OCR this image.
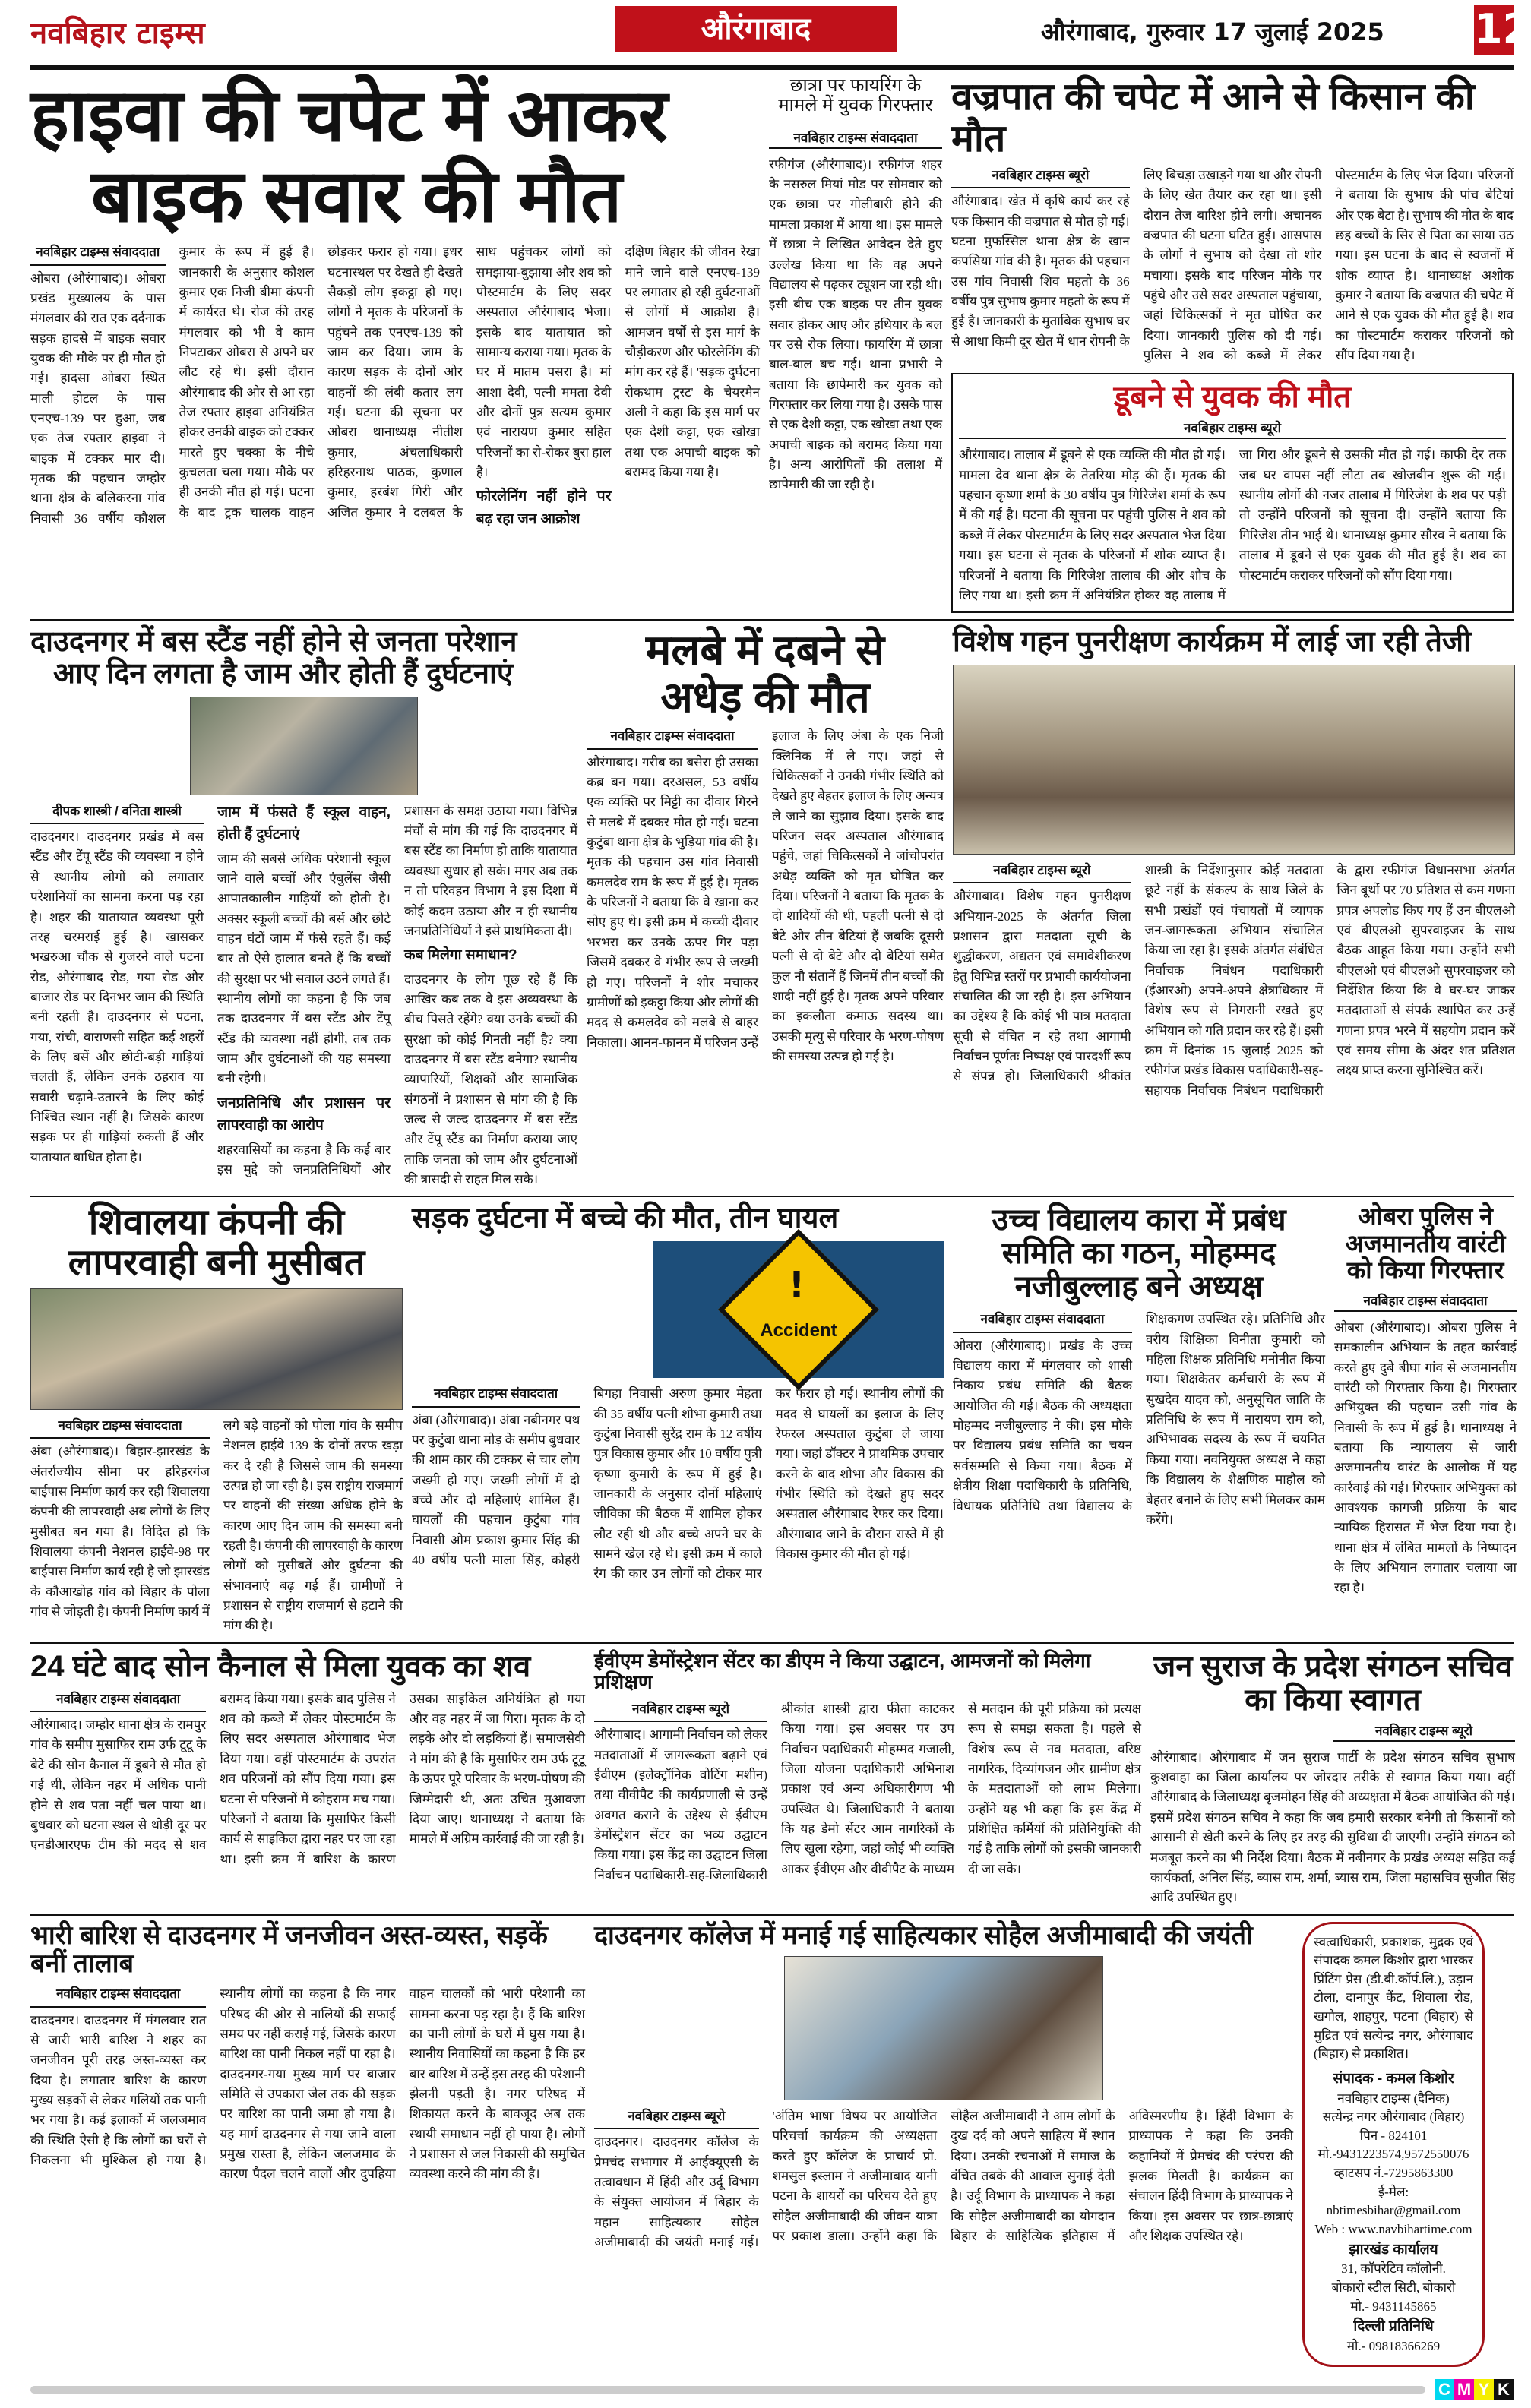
नवबिहार टाइम्स	औरंगाबाद	औरंगाबाद, गुरुवार 17 जुलाई 2025 12
हाइवा की चपेट में आकर
बाइक सवार की मौत
नवबिहार टाइम्स संवाददाता
ओबरा (औरंगाबाद)। ओबरा प्रखंड मुख्यालय के पास मंगलवार की रात एक दर्दनाक सड़क हादसे में बाइक सवार युवक की मौके पर ही मौत हो गई। हादसा ओबरा स्थित माली होटल के पास एनएच-139 पर हुआ, जब एक तेज रफ्तार हाइवा ने बाइक में टक्कर मार दी। मृतक की पहचान जम्होर थाना क्षेत्र के बलिकरना गांव निवासी 36 वर्षीय कौशल कुमार के रूप में हुई है। जानकारी के अनुसार कौशल कुमार एक निजी बीमा कंपनी में कार्यरत थे। रोज की तरह मंगलवार को भी वे काम निपटाकर ओबरा से अपने घर लौट रहे थे। इसी दौरान औरंगाबाद की ओर से आ रहा तेज रफ्तार हाइवा अनियंत्रित होकर उनकी बाइक को टक्कर मारते हुए चक्का के नीचे कुचलता चला गया। मौके पर ही उनकी मौत हो गई। घटना के बाद ट्रक चालक वाहन छोड़कर फरार हो गया। इधर घटनास्थल पर देखते ही देखते सैकड़ों लोग इकट्ठा हो गए। लोगों ने मृतक के परिजनों के पहुंचने तक एनएच-139 को जाम कर दिया। जाम के कारण सड़क के दोनों ओर वाहनों की लंबी कतार लग गई। घटना की सूचना पर ओबरा थानाध्यक्ष नीतीश कुमार, अंचलाधिकारी हरिहरनाथ पाठक, कुणाल कुमार, हरबंश गिरी और अजित कुमार ने दलबल के साथ पहुंचकर लोगों को समझाया-बुझाया और शव को पोस्टमार्टम के लिए सदर अस्पताल औरंगाबाद भेजा। इसके बाद यातायात को सामान्य कराया गया। मृतक के घर में मातम पसरा है। मां आशा देवी, पत्नी ममता देवी और दोनों पुत्र सत्यम कुमार एवं नारायण कुमार सहित परिजनों का रो-रोकर बुरा हाल है।
फोरलेनिंग नहीं होने पर बढ़ रहा जन आक्रोश
दक्षिण बिहार की जीवन रेखा माने जाने वाले एनएच-139 पर लगातार हो रही दुर्घटनाओं से लोगों में आक्रोश है। आमजन वर्षों से इस मार्ग के चौड़ीकरण और फोरलेनिंग की मांग कर रहे हैं। 'सड़क दुर्घटना रोकथाम ट्रस्ट' के चेयरमैन अली ने कहा कि इस मार्ग पर एक देशी कट्टा, एक खोखा तथा एक अपाची बाइक को बरामद किया गया है।
छात्रा पर फायरिंग के मामले में युवक गिरफ्तार
नवबिहार टाइम्स संवाददाता
रफीगंज (औरंगाबाद)। रफीगंज शहर के नसरुल मियां मोड पर सोमवार को एक छात्रा पर गोलीबारी होने की मामला प्रकाश में आया था। इस मामले में छात्रा ने लिखित आवेदन देते हुए उल्लेख किया था कि वह अपने विद्यालय से पढ़कर ट्यूशन जा रही थी। इसी बीच एक बाइक पर तीन युवक सवार होकर आए और हथियार के बल पर उसे रोक लिया। फायरिंग में छात्रा बाल-बाल बच गई। थाना प्रभारी ने बताया कि छापेमारी कर युवक को गिरफ्तार कर लिया गया है। उसके पास से एक देशी कट्टा, एक खोखा तथा एक अपाची बाइक को बरामद किया गया है। अन्य आरोपितों की तलाश में छापेमारी की जा रही है।
वज्रपात की चपेट में आने से किसान की मौत
नवबिहार टाइम्स ब्यूरो
औरंगाबाद। खेत में कृषि कार्य कर रहे एक किसान की वज्रपात से मौत हो गई। घटना मुफस्सिल थाना क्षेत्र के खान कपसिया गांव की है। मृतक की पहचान उस गांव निवासी शिव महतो के 36 वर्षीय पुत्र सुभाष कुमार महतो के रूप में हुई है। जानकारी के मुताबिक सुभाष घर से आधा किमी दूर खेत में धान रोपनी के लिए बिचड़ा उखाड़ने गया था और रोपनी के लिए खेत तैयार कर रहा था। इसी दौरान तेज बारिश होने लगी। अचानक वज्रपात की घटना घटित हुई। आसपास के लोगों ने सुभाष को देखा तो शोर मचाया। इसके बाद परिजन मौके पर पहुंचे और उसे सदर अस्पताल पहुंचाया, जहां चिकित्सकों ने मृत घोषित कर दिया। जानकारी पुलिस को दी गई। पुलिस ने शव को कब्जे में लेकर पोस्टमार्टम के लिए भेज दिया। परिजनों ने बताया कि सुभाष की पांच बेटियां और एक बेटा है। सुभाष की मौत के बाद छह बच्चों के सिर से पिता का साया उठ गया। इस घटना के बाद से स्वजनों में शोक व्याप्त है। थानाध्यक्ष अशोक कुमार ने बताया कि वज्रपात की चपेट में आने से एक युवक की मौत हुई है। शव का पोस्टमार्टम कराकर परिजनों को सौंप दिया गया है।
डूबने से युवक की मौत
नवबिहार टाइम्स ब्यूरो
औरंगाबाद। तालाब में डूबने से एक व्यक्ति की मौत हो गई। मामला देव थाना क्षेत्र के तेतरिया मोड़ की हैं। मृतक की पहचान कृष्णा शर्मा के 30 वर्षीय पुत्र गिरिजेश शर्मा के रूप में की गई है। घटना की सूचना पर पहुंची पुलिस ने शव को कब्जे में लेकर पोस्टमार्टम के लिए सदर अस्पताल भेज दिया गया। इस घटना से मृतक के परिजनों में शोक व्याप्त है। परिजनों ने बताया कि गिरिजेश तालाब की ओर शौच के लिए गया था। इसी क्रम में अनियंत्रित होकर वह तालाब में जा गिरा और डूबने से उसकी मौत हो गई। काफी देर तक जब घर वापस नहीं लौटा तब खोजबीन शुरू की गई। स्थानीय लोगों की नजर तालाब में गिरिजेश के शव पर पड़ी तो उन्होंने परिजनों को सूचना दी। उन्होंने बताया कि गिरिजेश तीन भाई थे। थानाध्यक्ष कुमार सौरव ने बताया कि तालाब में डूबने से एक युवक की मौत हुई है। शव का पोस्टमार्टम कराकर परिजनों को सौंप दिया गया।
दाउदनगर में बस स्टैंड नहीं होने से जनता परेशान
आए दिन लगता है जाम और होती हैं दुर्घटनाएं
दीपक शास्त्री / वनिता शास्त्री
दाउदनगर। दाउदनगर प्रखंड में बस स्टैंड और टेंपू स्टैंड की व्यवस्था न होने से स्थानीय लोगों को लगातार परेशानियों का सामना करना पड़ रहा है। शहर की यातायात व्यवस्था पूरी तरह चरमराई हुई है। खासकर भखरुआ चौक से गुजरने वाले पटना रोड, औरंगाबाद रोड, गया रोड और बाजार रोड पर दिनभर जाम की स्थिति बनी रहती है। दाउदनगर से पटना, गया, रांची, वाराणसी सहित कई शहरों के लिए बसें और छोटी-बड़ी गाड़ियां चलती हैं, लेकिन उनके ठहराव या सवारी चढ़ाने-उतारने के लिए कोई निश्चित स्थान नहीं है। जिसके कारण सड़क पर ही गाड़ियां रुकती हैं और यातायात बाधित होता है।
जाम में फंसते हैं स्कूल वाहन, होती हैं दुर्घटनाएं
जाम की सबसे अधिक परेशानी स्कूल जाने वाले बच्चों और एंबुलेंस जैसी आपातकालीन गाड़ियों को होती है। अक्सर स्कूली बच्चों की बसें और छोटे वाहन घंटों जाम में फंसे रहते हैं। कई बार तो ऐसे हालात बनते हैं कि बच्चों की सुरक्षा पर भी सवाल उठने लगते हैं। स्थानीय लोगों का कहना है कि जब तक दाउदनगर में बस स्टैंड और टेंपू स्टैंड की व्यवस्था नहीं होगी, तब तक जाम और दुर्घटनाओं की यह समस्या बनी रहेगी।
जनप्रतिनिधि और प्रशासन पर लापरवाही का आरोप
शहरवासियों का कहना है कि कई बार इस मुद्दे को जनप्रतिनिधियों और प्रशासन के समक्ष उठाया गया। विभिन्न मंचों से मांग की गई कि दाउदनगर में बस स्टैंड का निर्माण हो ताकि यातायात व्यवस्था सुधार हो सके। मगर अब तक न तो परिवहन विभाग ने इस दिशा में कोई कदम उठाया और न ही स्थानीय जनप्रतिनिधियों ने इसे प्राथमिकता दी।
कब मिलेगा समाधान?
दाउदनगर के लोग पूछ रहे हैं कि आखिर कब तक वे इस अव्यवस्था के बीच पिसते रहेंगे? क्या उनके बच्चों की सुरक्षा को कोई गिनती नहीं है? क्या दाउदनगर में बस स्टैंड बनेगा? स्थानीय व्यापारियों, शिक्षकों और सामाजिक संगठनों ने प्रशासन से मांग की है कि जल्द से जल्द दाउदनगर में बस स्टैंड और टेंपू स्टैंड का निर्माण कराया जाए ताकि जनता को जाम और दुर्घटनाओं की त्रासदी से राहत मिल सके।
मलबे में दबने से
अधेड़ की मौत
नवबिहार टाइम्स संवाददाता
औरंगाबाद। गरीब का बसेरा ही उसका कब्र बन गया। दरअसल, 53 वर्षीय एक व्यक्ति पर मिट्टी का दीवार गिरने से मलबे में दबकर मौत हो गई। घटना कुटुंबा थाना क्षेत्र के भुड़िया गांव की है। मृतक की पहचान उस गांव निवासी कमलदेव राम के रूप में हुई है। मृतक के परिजनों ने बताया कि वे खाना कर सोए हुए थे। इसी क्रम में कच्ची दीवार भरभरा कर उनके ऊपर गिर पड़ा जिसमें दबकर वे गंभीर रूप से जख्मी हो गए। परिजनों ने शोर मचाकर ग्रामीणों को इकट्ठा किया और लोगों की मदद से कमलदेव को मलबे से बाहर निकाला। आनन-फानन में परिजन उन्हें इलाज के लिए अंबा के एक निजी क्लिनिक में ले गए। जहां से चिकित्सकों ने उनकी गंभीर स्थिति को देखते हुए बेहतर इलाज के लिए अन्यत्र ले जाने का सुझाव दिया। इसके बाद परिजन सदर अस्पताल औरंगाबाद पहुंचे, जहां चिकित्सकों ने जांचोपरांत अधेड़ व्यक्ति को मृत घोषित कर दिया। परिजनों ने बताया कि मृतक के दो शादियों की थी, पहली पत्नी से दो बेटे और तीन बेटियां हैं जबकि दूसरी पत्नी से दो बेटे और दो बेटियां समेत कुल नौ संतानें हैं जिनमें तीन बच्चों की शादी नहीं हुई है। मृतक अपने परिवार का इकलौता कमाऊ सदस्य था। उसकी मृत्यु से परिवार के भरण-पोषण की समस्या उत्पन्न हो गई है।
विशेष गहन पुनरीक्षण कार्यक्रम में लाई जा रही तेजी
नवबिहार टाइम्स ब्यूरो
औरंगाबाद। विशेष गहन पुनरीक्षण अभियान-2025 के अंतर्गत जिला प्रशासन द्वारा मतदाता सूची के शुद्धीकरण, अद्यतन एवं समावेशीकरण हेतु विभिन्न स्तरों पर प्रभावी कार्ययोजना संचालित की जा रही है। इस अभियान का उद्देश्य है कि कोई भी पात्र मतदाता सूची से वंचित न रहे तथा आगामी निर्वाचन पूर्णतः निष्पक्ष एवं पारदर्शी रूप से संपन्न हो। जिलाधिकारी श्रीकांत शास्त्री के निर्देशानुसार कोई मतदाता छूटे नहीं के संकल्प के साथ जिले के सभी प्रखंडों एवं पंचायतों में व्यापक जन-जागरूकता अभियान संचालित किया जा रहा है। इसके अंतर्गत संबंधित निर्वाचक निबंधन पदाधिकारी (ईआरओ) अपने-अपने क्षेत्राधिकार में विशेष रूप से निगरानी रखते हुए अभियान को गति प्रदान कर रहे हैं। इसी क्रम में दिनांक 15 जुलाई 2025 को रफीगंज प्रखंड विकास पदाधिकारी-सह-सहायक निर्वाचक निबंधन पदाधिकारी के द्वारा रफीगंज विधानसभा अंतर्गत जिन बूथों पर 70 प्रतिशत से कम गणना प्रपत्र अपलोड किए गए हैं उन बीएलओ एवं बीएलओ सुपरवाइजर के साथ बैठक आहूत किया गया। उन्होंने सभी बीएलओ एवं बीएलओ सुपरवाइजर को निर्देशित किया कि वे घर-घर जाकर मतदाताओं से संपर्क स्थापित कर उन्हें गणना प्रपत्र भरने में सहयोग प्रदान करें एवं समय सीमा के अंदर शत प्रतिशत लक्ष्य प्राप्त करना सुनिश्चित करें।
शिवालया कंपनी की लापरवाही बनी मुसीबत
नवबिहार टाइम्स संवाददाता
अंबा (औरंगाबाद)। बिहार-झारखंड के अंतर्राज्यीय सीमा पर हरिहरगंज बाईपास निर्माण कार्य कर रही शिवालया कंपनी की लापरवाही अब लोगों के लिए मुसीबत बन गया है। विदित हो कि शिवालया कंपनी नेशनल हाईवे-98 पर बाईपास निर्माण कार्य रही है जो झारखंड के कौआखोह गांव को बिहार के पोला गांव से जोड़ती है। कंपनी निर्माण कार्य में लगे बड़े वाहनों को पोला गांव के समीप नेशनल हाईवे 139 के दोनों तरफ खड़ा कर दे रही है जिससे जाम की समस्या उत्पन्न हो जा रही है। इस राष्ट्रीय राजमार्ग पर वाहनों की संख्या अधिक होने के कारण आए दिन जाम की समस्या बनी रहती है। कंपनी की लापरवाही के कारण लोगों को मुसीबतें और दुर्घटना की संभावनाएं बढ़ गई हैं। ग्रामीणों ने प्रशासन से राष्ट्रीय राजमार्ग से हटाने की मांग की है।
सड़क दुर्घटना में बच्चे की मौत, तीन घायल
!
Accident
नवबिहार टाइम्स संवाददाता
अंबा (औरंगाबाद)। अंबा नबीनगर पथ पर कुटुंबा थाना मोड़ के समीप बुधवार की शाम कार की टक्कर से चार लोग जख्मी हो गए। जख्मी लोगों में दो बच्चे और दो महिलाएं शामिल हैं। घायलों की पहचान कुटुंबा गांव निवासी ओम प्रकाश कुमार सिंह की 40 वर्षीय पत्नी माला सिंह, कोहरी बिगहा निवासी अरुण कुमार मेहता की 35 वर्षीय पत्नी शोभा कुमारी तथा कुटुंबा निवासी सुरेंद्र राम के 12 वर्षीय पुत्र विकास कुमार और 10 वर्षीय पुत्री कृष्णा कुमारी के रूप में हुई है। जानकारी के अनुसार दोनों महिलाएं जीविका की बैठक में शामिल होकर लौट रही थी और बच्चे अपने घर के सामने खेल रहे थे। इसी क्रम में काले रंग की कार उन लोगों को टोकर मार कर फरार हो गई। स्थानीय लोगों की मदद से घायलों का इलाज के लिए रेफरल अस्पताल कुटुंबा ले जाया गया। जहां डॉक्टर ने प्राथमिक उपचार करने के बाद शोभा और विकास की गंभीर स्थिति को देखते हुए सदर अस्पताल औरंगाबाद रेफर कर दिया। औरंगाबाद जाने के दौरान रास्ते में ही विकास कुमार की मौत हो गई।
उच्च विद्यालय कारा में प्रबंध समिति का गठन, मोहम्मद नजीबुल्लाह बने अध्यक्ष
नवबिहार टाइम्स संवाददाता
ओबरा (औरंगाबाद)। प्रखंड के उच्च विद्यालय कारा में मंगलवार को शासी निकाय प्रबंध समिति की बैठक आयोजित की गई। बैठक की अध्यक्षता मोहम्मद नजीबुल्लाह ने की। इस मौके पर विद्यालय प्रबंध समिति का चयन सर्वसम्मति से किया गया। बैठक में क्षेत्रीय शिक्षा पदाधिकारी के प्रतिनिधि, विधायक प्रतिनिधि तथा विद्यालय के शिक्षकगण उपस्थित रहे। प्रतिनिधि और वरीय शिक्षिका विनीता कुमारी को महिला शिक्षक प्रतिनिधि मनोनीत किया गया। शिक्षकेतर कर्मचारी के रूप में सुखदेव यादव को, अनुसूचित जाति के प्रतिनिधि के रूप में नारायण राम को, अभिभावक सदस्य के रूप में चयनित किया गया। नवनियुक्त अध्यक्ष ने कहा कि विद्यालय के शैक्षणिक माहौल को बेहतर बनाने के लिए सभी मिलकर काम करेंगे।
ओबरा पुलिस ने अजमानतीय वारंटी को किया गिरफ्तार
नवबिहार टाइम्स संवाददाता
ओबरा (औरंगाबाद)। ओबरा पुलिस ने समकालीन अभियान के तहत कार्रवाई करते हुए दुबे बीघा गांव से अजमानतीय वारंटी को गिरफ्तार किया है। गिरफ्तार अभियुक्त की पहचान उसी गांव के निवासी के रूप में हुई है। थानाध्यक्ष ने बताया कि न्यायालय से जारी अजमानतीय वारंट के आलोक में यह कार्रवाई की गई। गिरफ्तार अभियुक्त को आवश्यक कागजी प्रक्रिया के बाद न्यायिक हिरासत में भेज दिया गया है। थाना क्षेत्र में लंबित मामलों के निष्पादन के लिए अभियान लगातार चलाया जा रहा है।
24 घंटे बाद सोन कैनाल से मिला युवक का शव
नवबिहार टाइम्स संवाददाता
औरंगाबाद। जम्होर थाना क्षेत्र के रामपुर गांव के समीप मुसाफिर राम उर्फ टूटू के बेटे की सोन कैनाल में डूबने से मौत हो गई थी, लेकिन नहर में अधिक पानी होने से शव पता नहीं चल पाया था। बुधवार को घटना स्थल से थोड़ी दूर पर एनडीआरएफ टीम की मदद से शव बरामद किया गया। इसके बाद पुलिस ने शव को कब्जे में लेकर पोस्टमार्टम के लिए सदर अस्पताल औरंगाबाद भेज दिया गया। वहीं पोस्टमार्टम के उपरांत शव परिजनों को सौंप दिया गया। इस घटना से परिजनों में कोहराम मच गया। परिजनों ने बताया कि मुसाफिर किसी कार्य से साइकिल द्वारा नहर पर जा रहा था। इसी क्रम में बारिश के कारण उसका साइकिल अनियंत्रित हो गया और वह नहर में जा गिरा। मृतक के दो लड़के और दो लड़कियां हैं। समाजसेवी ने मांग की है कि मुसाफिर राम उर्फ टूटू के ऊपर पूरे परिवार के भरण-पोषण की जिम्मेदारी थी, अतः उचित मुआवजा दिया जाए। थानाध्यक्ष ने बताया कि मामले में अग्रिम कार्रवाई की जा रही है।
ईवीएम डेमोंस्ट्रेशन सेंटर का डीएम ने किया उद्घाटन, आमजनों को मिलेगा प्रशिक्षण
नवबिहार टाइम्स ब्यूरो
औरंगाबाद। आगामी निर्वाचन को लेकर मतदाताओं में जागरूकता बढ़ाने एवं ईवीएम (इलेक्ट्रॉनिक वोटिंग मशीन) तथा वीवीपैट की कार्यप्रणाली से उन्हें अवगत कराने के उद्देश्य से ईवीएम डेमोंस्ट्रेशन सेंटर का भव्य उद्घाटन किया गया। इस केंद्र का उद्घाटन जिला निर्वाचन पदाधिकारी-सह-जिलाधिकारी श्रीकांत शास्त्री द्वारा फीता काटकर किया गया। इस अवसर पर उप निर्वाचन पदाधिकारी मोहम्मद गजाली, जिला योजना पदाधिकारी अभिनाश प्रकाश एवं अन्य अधिकारीगण भी उपस्थित थे। जिलाधिकारी ने बताया कि यह डेमो सेंटर आम नागरिकों के लिए खुला रहेगा, जहां कोई भी व्यक्ति आकर ईवीएम और वीवीपैट के माध्यम से मतदान की पूरी प्रक्रिया को प्रत्यक्ष रूप से समझ सकता है। पहले से विशेष रूप से नव मतदाता, वरिष्ठ नागरिक, दिव्यांगजन और ग्रामीण क्षेत्र के मतदाताओं को लाभ मिलेगा। उन्होंने यह भी कहा कि इस केंद्र में प्रशिक्षित कर्मियों की प्रतिनियुक्ति की गई है ताकि लोगों को इसकी जानकारी दी जा सके।
जन सुराज के प्रदेश संगठन सचिव का किया स्वागत
नवबिहार टाइम्स ब्यूरो
औरंगाबाद। औरंगाबाद में जन सुराज पार्टी के प्रदेश संगठन सचिव सुभाष कुशवाहा का जिला कार्यालय पर जोरदार तरीके से स्वागत किया गया। वहीं औरंगाबाद के जिलाध्यक्ष बृजमोहन सिंह की अध्यक्षता में बैठक आयोजित की गई। इसमें प्रदेश संगठन सचिव ने कहा कि जब हमारी सरकार बनेगी तो किसानों को आसानी से खेती करने के लिए हर तरह की सुविधा दी जाएगी। उन्होंने संगठन को मजबूत करने का भी निर्देश दिया। बैठक में नबीनगर के प्रखंड अध्यक्ष सहित कई कार्यकर्ता, अनिल सिंह, ब्यास राम, शर्मा, ब्यास राम, जिला महासचिव सुजीत सिंह आदि उपस्थित हुए।
भारी बारिश से दाउदनगर में जनजीवन अस्त-व्यस्त, सड़कें बनीं तालाब
नवबिहार टाइम्स संवाददाता
दाउदनगर। दाउदनगर में मंगलवार रात से जारी भारी बारिश ने शहर का जनजीवन पूरी तरह अस्त-व्यस्त कर दिया है। लगातार बारिश के कारण मुख्य सड़कों से लेकर गलियों तक पानी भर गया है। कई इलाकों में जलजमाव की स्थिति ऐसी है कि लोगों का घरों से निकलना भी मुश्किल हो गया है। स्थानीय लोगों का कहना है कि नगर परिषद की ओर से नालियों की सफाई समय पर नहीं कराई गई, जिसके कारण बारिश का पानी निकल नहीं पा रहा है। दाउदनगर-गया मुख्य मार्ग पर बाजार समिति से उपकारा जेल तक की सड़क पर बारिश का पानी जमा हो गया है। यह मार्ग दाउदनगर से गया जाने वाला प्रमुख रास्ता है, लेकिन जलजमाव के कारण पैदल चलने वालों और दुपहिया वाहन चालकों को भारी परेशानी का सामना करना पड़ रहा है। हैं कि बारिश का पानी लोगों के घरों में घुस गया है। स्थानीय निवासियों का कहना है कि हर बार बारिश में उन्हें इस तरह की परेशानी झेलनी पड़ती है। नगर परिषद में शिकायत करने के बावजूद अब तक स्थायी समाधान नहीं हो पाया है। लोगों ने प्रशासन से जल निकासी की समुचित व्यवस्था करने की मांग की है।
दाउदनगर कॉलेज में मनाई गई साहित्यकार सोहैल अजीमाबादी की जयंती
नवबिहार टाइम्स ब्यूरो
दाउदनगर। दाउदनगर कॉलेज के प्रेमचंद सभागार में आईक्यूएसी के तत्वावधान में हिंदी और उर्दू विभाग के संयुक्त आयोजन में बिहार के महान साहित्यकार सोहैल अजीमाबादी की जयंती मनाई गई। 'अंतिम भाषा' विषय पर आयोजित परिचर्चा कार्यक्रम की अध्यक्षता करते हुए कॉलेज के प्राचार्य प्रो. शमसुल इस्लाम ने अजीमाबाद यानी पटना के शायरों का परिचय देते हुए सोहैल अजीमाबादी की जीवन यात्रा पर प्रकाश डाला। उन्होंने कहा कि सोहैल अजीमाबादी ने आम लोगों के दुख दर्द को अपने साहित्य में स्थान दिया। उनकी रचनाओं में समाज के वंचित तबके की आवाज सुनाई देती है। उर्दू विभाग के प्राध्यापक ने कहा कि सोहैल अजीमाबादी का योगदान बिहार के साहित्यिक इतिहास में अविस्मरणीय है। हिंदी विभाग के प्राध्यापक ने कहा कि उनकी कहानियों में प्रेमचंद की परंपरा की झलक मिलती है। कार्यक्रम का संचालन हिंदी विभाग के प्राध्यापक ने किया। इस अवसर पर छात्र-छात्राएं और शिक्षक उपस्थित रहे।
स्वत्वाधिकारी, प्रकाशक, मुद्रक एवं संपादक कमल किशोर द्वारा भास्कर प्रिंटिंग प्रेस (डी.बी.कॉर्प.लि.), उड़ान टोला, दानापुर कैंट, शिवाला रोड, खगौल, शाहपुर, पटना (बिहार) से मुद्रित एवं सत्येन्द्र नगर, औरंगाबाद (बिहार) से प्रकाशित।
संपादक - कमल किशोर
नवबिहार टाइम्स (दैनिक)
सत्येन्द्र नगर औरंगाबाद (बिहार)
पिन - 824101
मो.-9431223574,9572550076
व्हाटसप नं.-7295863300
ई-मेल: nbtimesbihar@gmail.com
Web : www.navbihartime.com
झारखंड कार्यालय
31, कॉपरेटिव कॉलोनी.
बोकारो स्टील सिटी, बोकारो
मो.- 9431145865
दिल्ली प्रतिनिधि
मो.- 09818366269
C M Y K
